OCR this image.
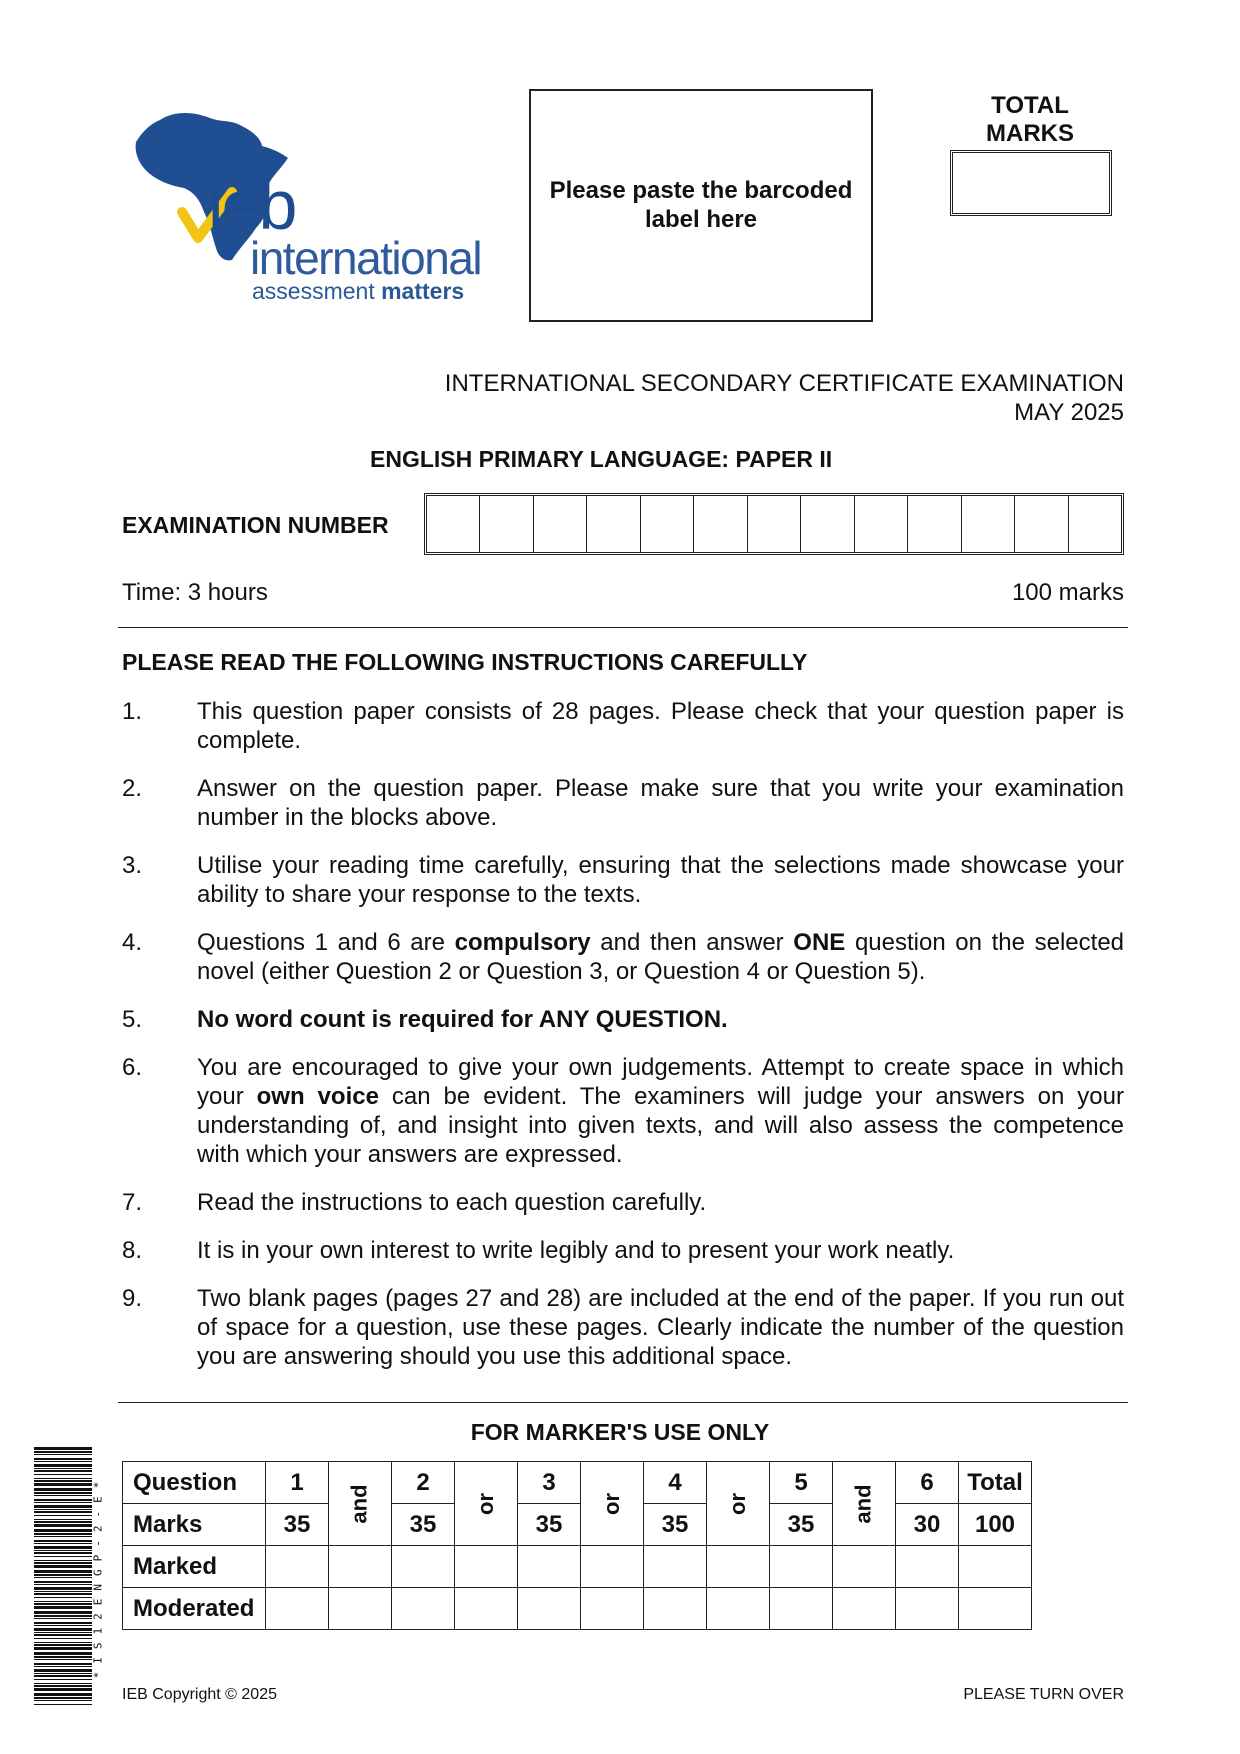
ieb
international
assessment matters
Please paste the barcoded label here
TOTAL
MARKS
INTERNATIONAL SECONDARY CERTIFICATE EXAMINATION
MAY 2025
ENGLISH PRIMARY LANGUAGE: PAPER II
EXAMINATION NUMBER
Time: 3 hours	100 marks
PLEASE READ THE FOLLOWING INSTRUCTIONS CAREFULLY
1.	This question paper consists of 28 pages. Please check that your question paper is complete.
2.	Answer on the question paper. Please make sure that you write your examination number in the blocks above.
3.	Utilise your reading time carefully, ensuring that the selections made showcase your ability to share your response to the texts.
4.	Questions 1 and 6 are compulsory and then answer ONE question on the selected novel (either Question 2 or Question 3, or Question 4 or Question 5).
5.	No word count is required for ANY QUESTION.
6.	You are encouraged to give your own judgements. Attempt to create space in which your own voice can be evident. The examiners will judge your answers on your understanding of, and insight into given texts, and will also assess the competence with which your answers are expressed.
7.	Read the instructions to each question carefully.
8.	It is in your own interest to write legibly and to present your work neatly.
9.	Two blank pages (pages 27 and 28) are included at the end of the paper. If you run out of space for a question, use these pages. Clearly indicate the number of the question you are answering should you use this additional space.
FOR MARKER'S USE ONLY
Question	1	and	2	or	3	or	4	or	5	and	6	Total
Marks	35		35		35		35		35		30	100
Marked												
Moderated												
*IS12ENGP-2-E*
IEB Copyright © 2025	PLEASE TURN OVER
